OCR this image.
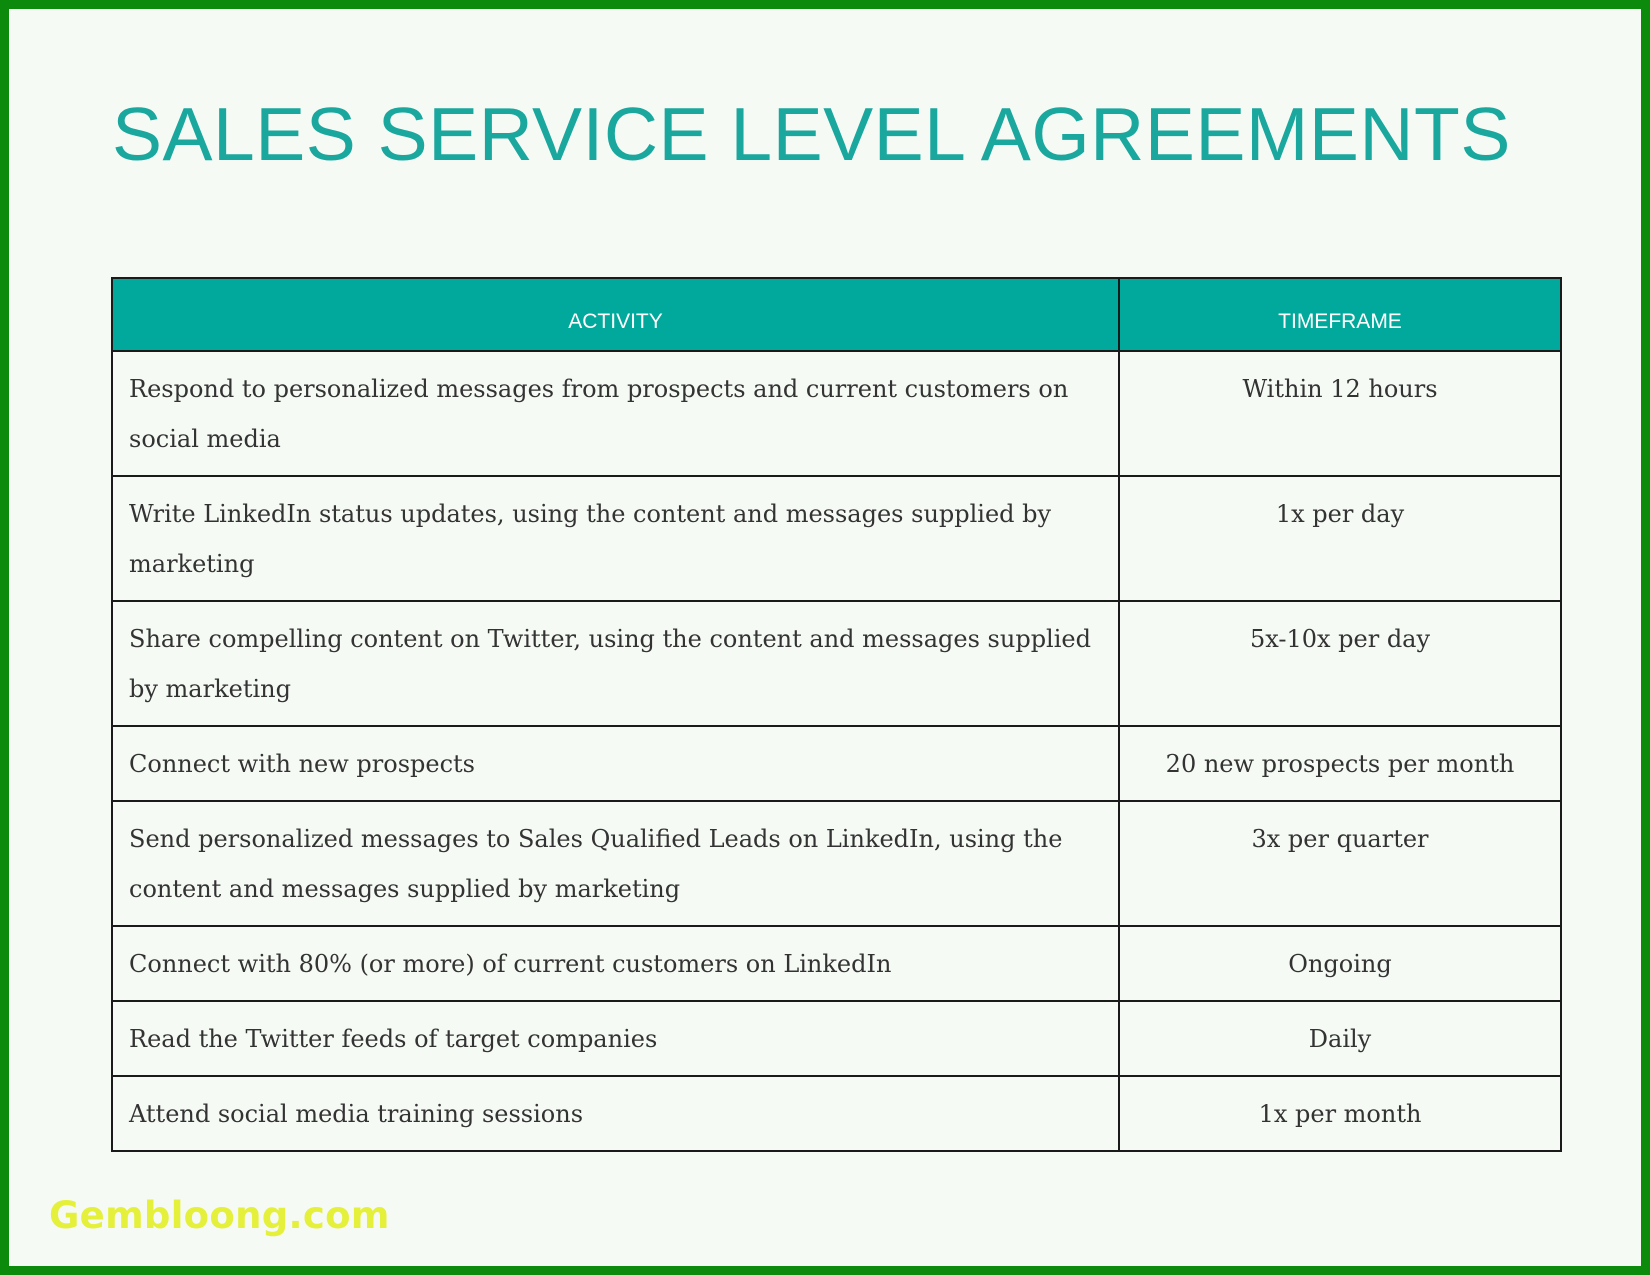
SALES SERVICE LEVEL AGREEMENTS
ACTIVITY	TIMEFRAME
Respond to personalized messages from prospects and current customers on social media	Within 12 hours
Write LinkedIn status updates, using the content and messages supplied by marketing	1x per day
Share compelling content on Twitter, using the content and messages supplied by marketing	5x-10x per day
Connect with new prospects	20 new prospects per month
Send personalized messages to Sales Qualified Leads on LinkedIn, using the content and messages supplied by marketing	3x per quarter
Connect with 80% (or more) of current customers on LinkedIn	Ongoing
Read the Twitter feeds of target companies	Daily
Attend social media training sessions	1x per month
Gembloong.com
